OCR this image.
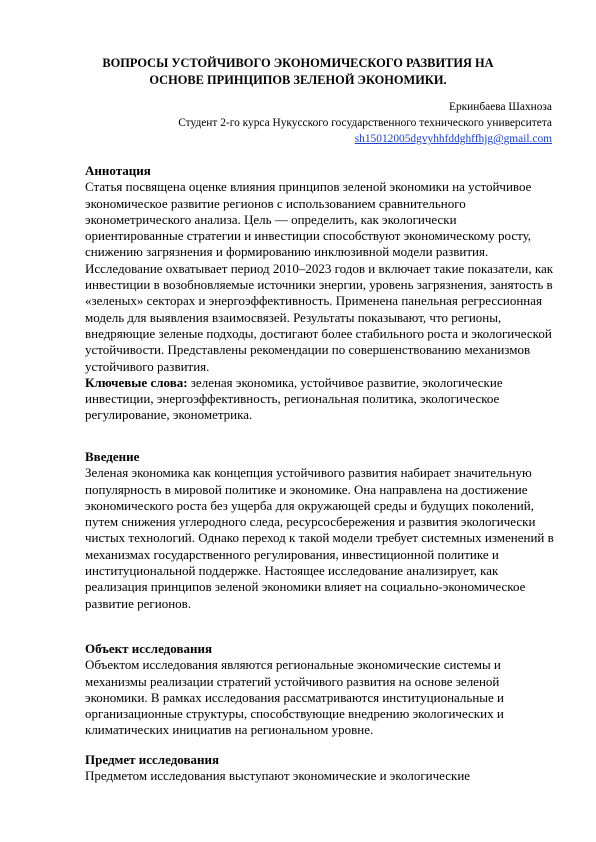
ВОПРОСЫ УСТОЙЧИВОГО ЭКОНОМИЧЕСКОГО РАЗВИТИЯ НА
ОСНОВЕ ПРИНЦИПОВ ЗЕЛЕНОЙ ЭКОНОМИКИ.
Еркинбаева Шахноза
Студент 2-го курса Нукусского государственного технического университета
sh15012005dgvyhhfddghffhjg@gmail.com
Аннотация

Статья посвящена оценке влияния принципов зеленой экономики на устойчивое экономическое развитие регионов с использованием сравнительного эконометрического анализа. Цель — определить, как экологически ориентированные стратегии и инвестиции способствуют экономическому росту, снижению загрязнения и формированию инклюзивной модели развития. Исследование охватывает период 2010–2023 годов и включает такие показатели, как инвестиции в возобновляемые источники энергии, уровень загрязнения, занятость в «зеленых» секторах и энергоэффективность. Применена панельная регрессионная модель для выявления взаимосвязей. Результаты показывают, что регионы, внедряющие зеленые подходы, достигают более стабильного роста и экологической устойчивости. Представлены рекомендации по совершенствованию механизмов устойчивого развития.

Ключевые слова: зеленая экономика, устойчивое развитие, экологические инвестиции, энергоэффективность, региональная политика, экологическое регулирование, эконометрика.

Введение

Зеленая экономика как концепция устойчивого развития набирает значительную популярность в мировой политике и экономике. Она направлена на достижение экономического роста без ущерба для окружающей среды и будущих поколений, путем снижения углеродного следа, ресурсосбережения и развития экологически чистых технологий. Однако переход к такой модели требует системных изменений в механизмах государственного регулирования, инвестиционной политике и институциональной поддержке. Настоящее исследование анализирует, как реализация принципов зеленой экономики влияет на социально-экономическое развитие регионов.

Объект исследования

Объектом исследования являются региональные экономические системы и механизмы реализации стратегий устойчивого развития на основе зеленой экономики. В рамках исследования рассматриваются институциональные и организационные структуры, способствующие внедрению экологических и климатических инициатив на региональном уровне.

Предмет исследования

Предметом исследования выступают экономические и экологические
